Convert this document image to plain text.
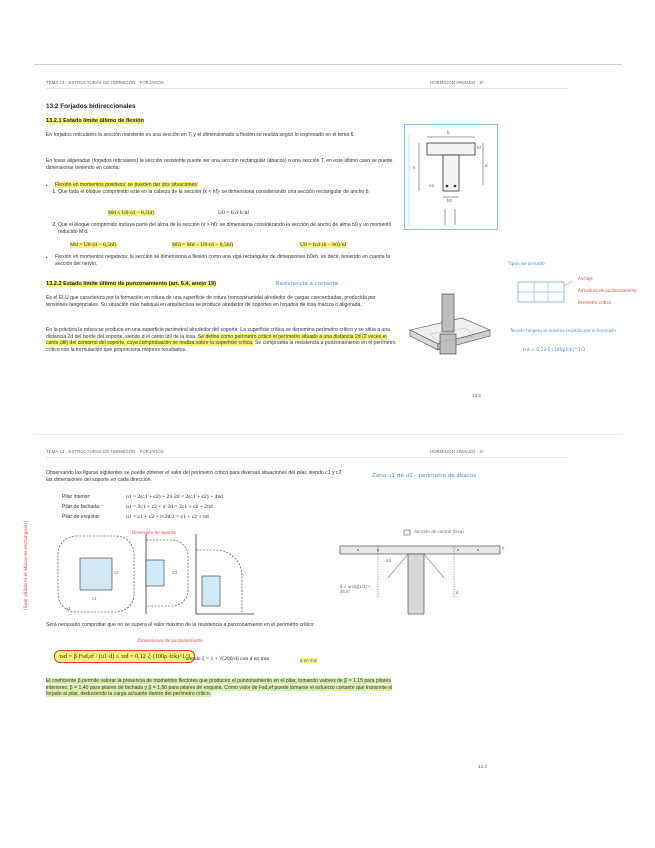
TEMA 13 · ESTRUCTURAS DE HORMIGÓN · FORJADOS	HORMIGÓN ARMADO · 2º
13.2 Forjados bidireccionales
13.2.1 Estado límite último de flexión

En forjados reticulares la sección resistente es una sección en T, y el dimensionado a flexión se realiza según lo expresado en el tema 6.

En losas aligeradas (forjados reticulares) la sección resistente puede ser una sección rectangular (ábacos) o una sección T, en este último caso se puede dimensionar teniendo en cuenta:

• Flexión en momentos positivos: se pueden dar dos situaciones:
1. Que toda el bloque comprimido esté en la cabeza de la sección (x < hf): se dimensiona considerando una sección rectangular de ancho b.
Md ≤ U0·(d − 0,5hf)	U0 = fcd·b·hf
2. Que el bloque comprimido incluya parte del alma de la sección (x > hf): se dimensiona considerando la sección de ancho de alma b0 y un momento reducido M'd.
Md > U0·(d − 0,5hf)	M'd = Md − U0·(d − 0,5hf)	U0 = fcd·(b − b0)·hf
• Flexión en momentos negativos: la sección se dimensiona a flexión como una viga rectangular de dimensiones b0xh, es decir, teniendo en cuenta la sección del nervio.
b
hf
b0
h	d
As
13.2.2 Estado límite último de punzonamiento (art. 6.4, anejo 19)	Resistencia a cortante

Es el ELU que caracteriza por la formación en rotura de una superficie de rotura troncopiramidal alrededor de cargas concentradas, producida por tensiones tangenciales. Su situación más habitual en arquitectura se produce alrededor de soportes en forjados de losa maciza o aligerada.

En la práctica la rotura se produce en una superficie perimetral alrededor del soporte. La superficie crítica se denomina perímetro crítico y se sitúa a una distancia 2d del borde del soporte, siendo d el canto útil de la losa. Se define como perímetro crítico el perímetro situado a una distancia 2d (2 veces el canto útil) del contorno del soporte, cuya comprobación se realiza sobre la superficie crítica. Se comprueba la resistencia a punzonamiento en el perímetro crítico con la formulación que proporciona mejores resultados.

Tipos de armado
Anclaje
Armadura de punzonamiento
Perímetro crítico
Tensión tangencial máxima resistida por el hormigón
τrd = 0,12·ξ·(100ρfck)^1/3
13.3
TEMA 13 · ESTRUCTURAS DE HORMIGÓN · FORJADOS	HORMIGÓN ARMADO · 2º

Observando las figuras siguientes se puede obtener el valor del perímetro crítico para diversas situaciones del pilar, siendo c1 y c2 las dimensiones del soporte en cada dirección.

Zona u1 de u1 - perímetro de ábacos
Pilar interior:	u1 = 2(c1 + c2) + 2π·2d = 2(c1 + c2) + 4πd
Pilar de fachada:	u1 = 2c1 + c2 + π·2d = 2c1 + c2 + 2πd
Pilar de esquina:	u1 = c1 + c2 + π·2d/2 = c1 + c2 + πd
(Solo válido si el ábaco es rectangular)	c1
c2	2d
u1
Dimensión de soporte	Sección de control (losa)
2d
d
h
θ = arctg(1/2) ≈ 26,6°

Será necesario comprobar que no se supera el valor máximo de la resistencia a punzonamiento en el perímetro crítico:

τsd = β·Fsd,ef / (u1·d) ≤ τrd = 0,12·ξ·(100ρ·fck)^1/3
Dimensiones de punzonamiento
siendo ξ = 1 + √(200/d) con d en mm	d en mm

El coeficiente β permite valorar la presencia de momentos flectores que producen el punzonamiento en el pilar, tomando valores de β = 1,15 para pilares interiores, β = 1,40 para pilares de fachada y β = 1,50 para pilares de esquina. Como valor de Fsd,ef puede tomarse el esfuerzo cortante que transmite el forjado al pilar, deduciendo la carga actuante dentro del perímetro crítico.

13.4
